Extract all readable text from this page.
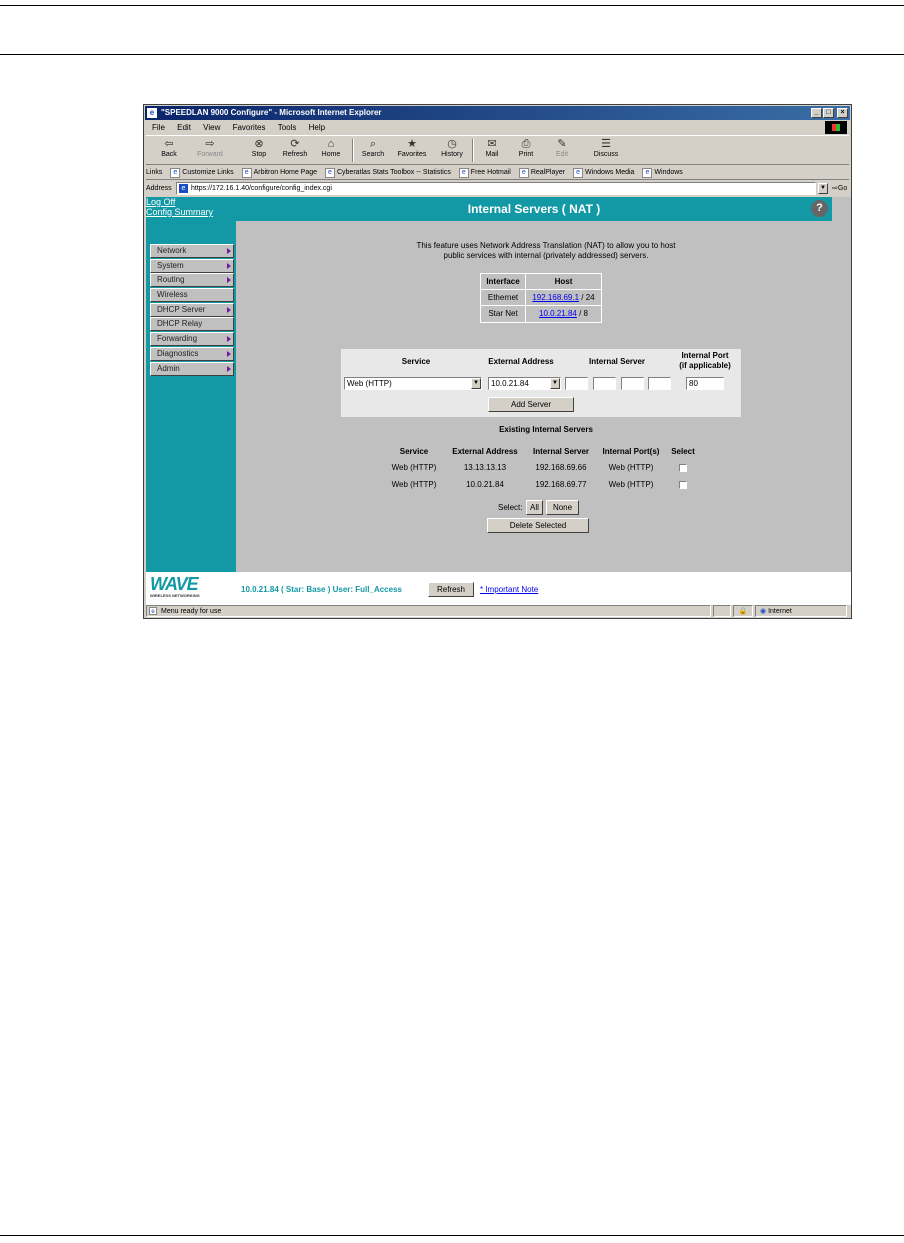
e "SPEEDLAN 9000 Configure" - Microsoft Internet Explorer	_	□	×
File Edit View Favorites Tools Help
⇦
Back
⇨
Forward
⊗
Stop
⟳
Refresh
⌂
Home
⌕
Search
★
Favorites
◷
History
✉
Mail
⎙
Print
✎
Edit
☰
Discuss
Links	e Customize Links	e Arbitron Home Page	e Cyberatlas Stats Toolbox -- Statistics	e Free Hotmail	e RealPlayer	e Windows Media	e Windows
Address	e https://172.16.1.40/configure/config_index.cgi	▼ ⇨Go
Log Off
Config Summary	Internal Servers ( NAT )	?
Network
System
Routing
Wireless
DHCP Server
DHCP Relay
Forwarding
Diagnostics
Admin
This feature uses Network Address Translation (NAT) to allow you to host
public services with internal (privately addressed) servers.
Interface	Host
Ethernet	192.168.69.1 / 24
Star Net	10.0.21.84 / 8
Service	External Address	Internal Server
Internal Port
(if applicable)
Web (HTTP)	▼	10.0.21.84	▼	80
Add Server
Existing Internal Servers
Service	External Address	Internal Server	Internal Port(s)	Select
Web (HTTP)	13.13.13.13	192.168.69.66	Web (HTTP)
Web (HTTP)	10.0.21.84	192.168.69.77	Web (HTTP)
Select: All	None
Delete Selected
WAVE
WIRELESS NETWORKING
10.0.21.84 ( Star: Base ) User: Full_Access	Refresh	* Important Note
e Menu ready for use	🔒	◉ Internet
